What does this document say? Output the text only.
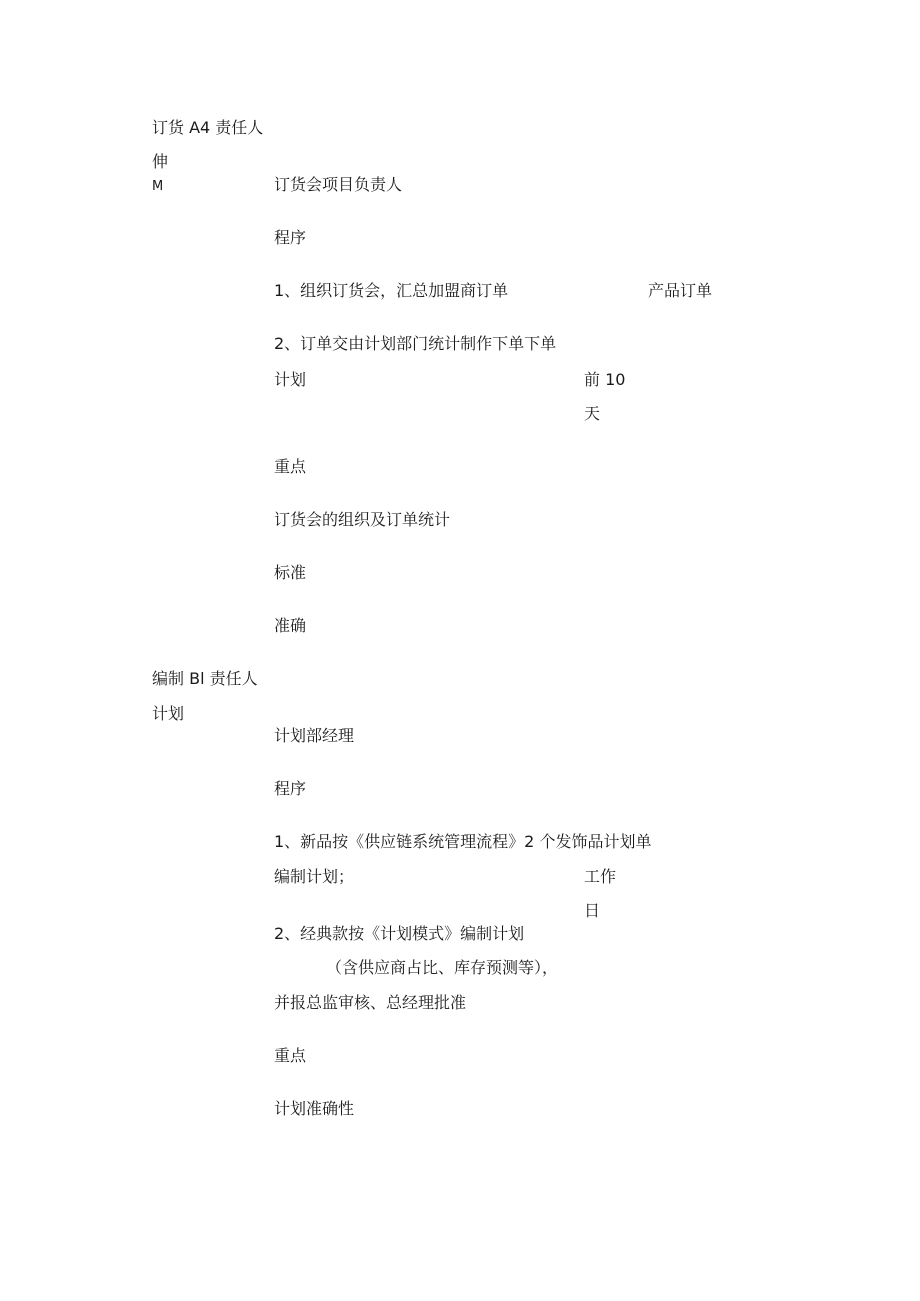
订货 A4 责任人
伸
M	订货会项目负责人
程序
1、组织订货会，汇总加盟商订单	产品订单
2、订单交由计划部门统计制作下单下单
计划	前 10
天
重点
订货会的组织及订单统计
标准
准确
编制 Bl 责任人
计划
计划部经理
程序
1、新品按《供应链系统管理流程》2 个发饰品计划单
编制计划；	工作
日
2、经典款按《计划模式》编制计划
（含供应商占比、库存预测等），
并报总监审核、总经理批准
重点
计划准确性
